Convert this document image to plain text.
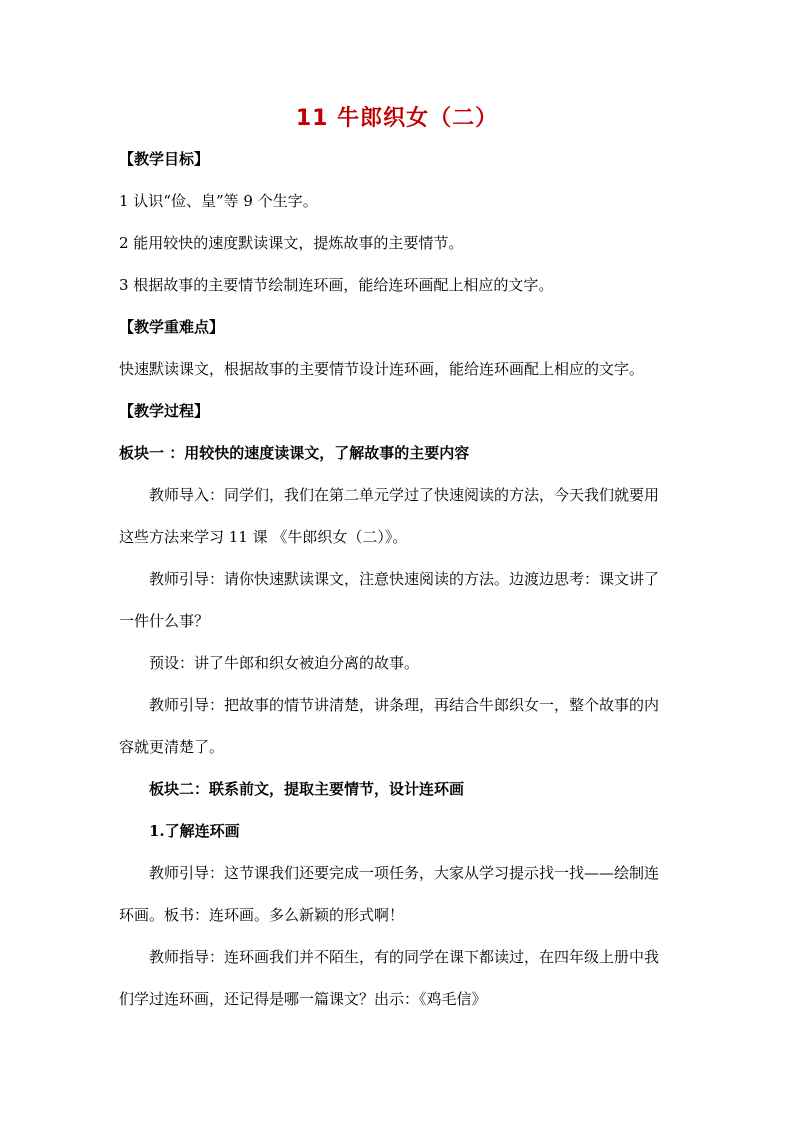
11 牛郎织女（二）
【教学目标】
1 认识“俭、皇”等 9 个生字。
2 能用较快的速度默读课文，提炼故事的主要情节。
3 根据故事的主要情节绘制连环画，能给连环画配上相应的文字。
【教学重难点】
快速默读课文，根据故事的主要情节设计连环画，能给连环画配上相应的文字。
【教学过程】
板块一 ：用较快的速度读课文，了解故事的主要内容
教师导入：同学们，我们在第二单元学过了快速阅读的方法，今天我们就要用
这些方法来学习 11 课 《牛郎织女（二）》。
教师引导：请你快速默读课文，注意快速阅读的方法。边渡边思考：课文讲了
一件什么事？
预设：讲了牛郎和织女被迫分离的故事。
教师引导：把故事的情节讲清楚，讲条理，再结合牛郎织女一，整个故事的内
容就更清楚了。
板块二：联系前文，提取主要情节，设计连环画
1.了解连环画
教师引导：这节课我们还要完成一项任务，大家从学习提示找一找——绘制连
环画。板书：连环画。多么新颖的形式啊！
教师指导：连环画我们并不陌生，有的同学在课下都读过，在四年级上册中我
们学过连环画，还记得是哪一篇课文？出示：《鸡毛信》
